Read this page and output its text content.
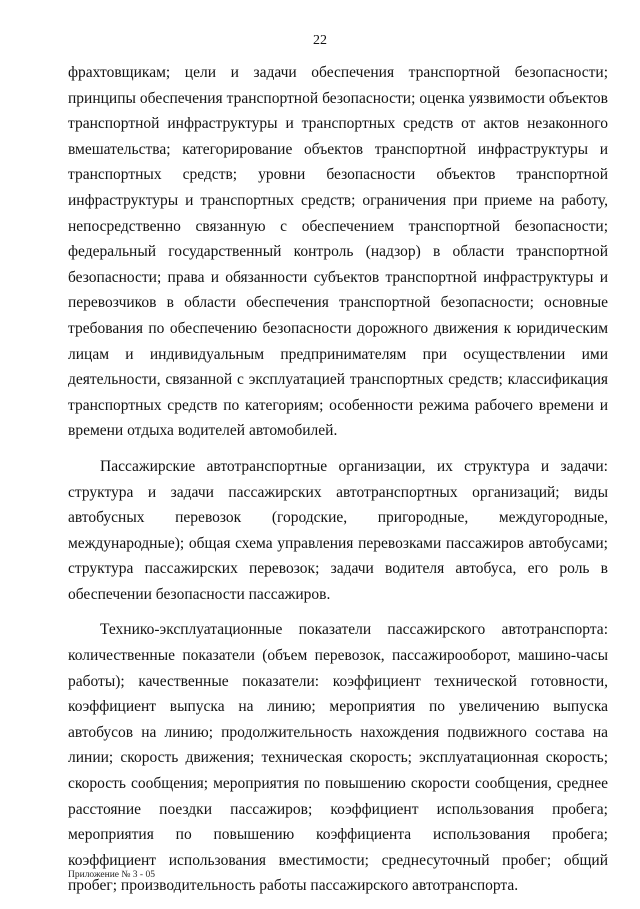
22

фрахтовщикам; цели и задачи обеспечения транспортной безопасности; принципы обеспечения транспортной безопасности; оценка уязвимости объектов транспортной инфраструктуры и транспортных средств от актов незаконного вмешательства; категорирование объектов транспортной инфраструктуры и транспортных средств; уровни безопасности объектов транспортной инфраструктуры и транспортных средств; ограничения при приеме на работу, непосредственно связанную с обеспечением транспортной безопасности; федеральный государственный контроль (надзор) в области транспортной безопасности; права и обязанности субъектов транспортной инфраструктуры и перевозчиков в области обеспечения транспортной безопасности; основные требования по обеспечению безопасности дорожного движения к юридическим лицам и индивидуальным предпринимателям при осуществлении ими деятельности, связанной с эксплуатацией транспортных средств; классификация транспортных средств по категориям; особенности режима рабочего времени и времени отдыха водителей автомобилей.

Пассажирские автотранспортные организации, их структура и задачи: структура и задачи пассажирских автотранспортных организаций; виды автобусных перевозок (городские, пригородные, междугородные, международные); общая схема управления перевозками пассажиров автобусами; структура пассажирских перевозок; задачи водителя автобуса, его роль в обеспечении безопасности пассажиров.

Технико-эксплуатационные показатели пассажирского автотранспорта: количественные показатели (объем перевозок, пассажирооборот, машино-часы работы); качественные показатели: коэффициент технической готовности, коэффициент выпуска на линию; мероприятия по увеличению выпуска автобусов на линию; продолжительность нахождения подвижного состава на линии; скорость движения; техническая скорость; эксплуатационная скорость; скорость сообщения; мероприятия по повышению скорости сообщения, среднее расстояние поездки пассажиров; коэффициент использования пробега; мероприятия по повышению коэффициента использования пробега; коэффициент использования вместимости; среднесуточный пробег; общий пробег; производительность работы пассажирского автотранспорта.

Приложение № 3 - 05
